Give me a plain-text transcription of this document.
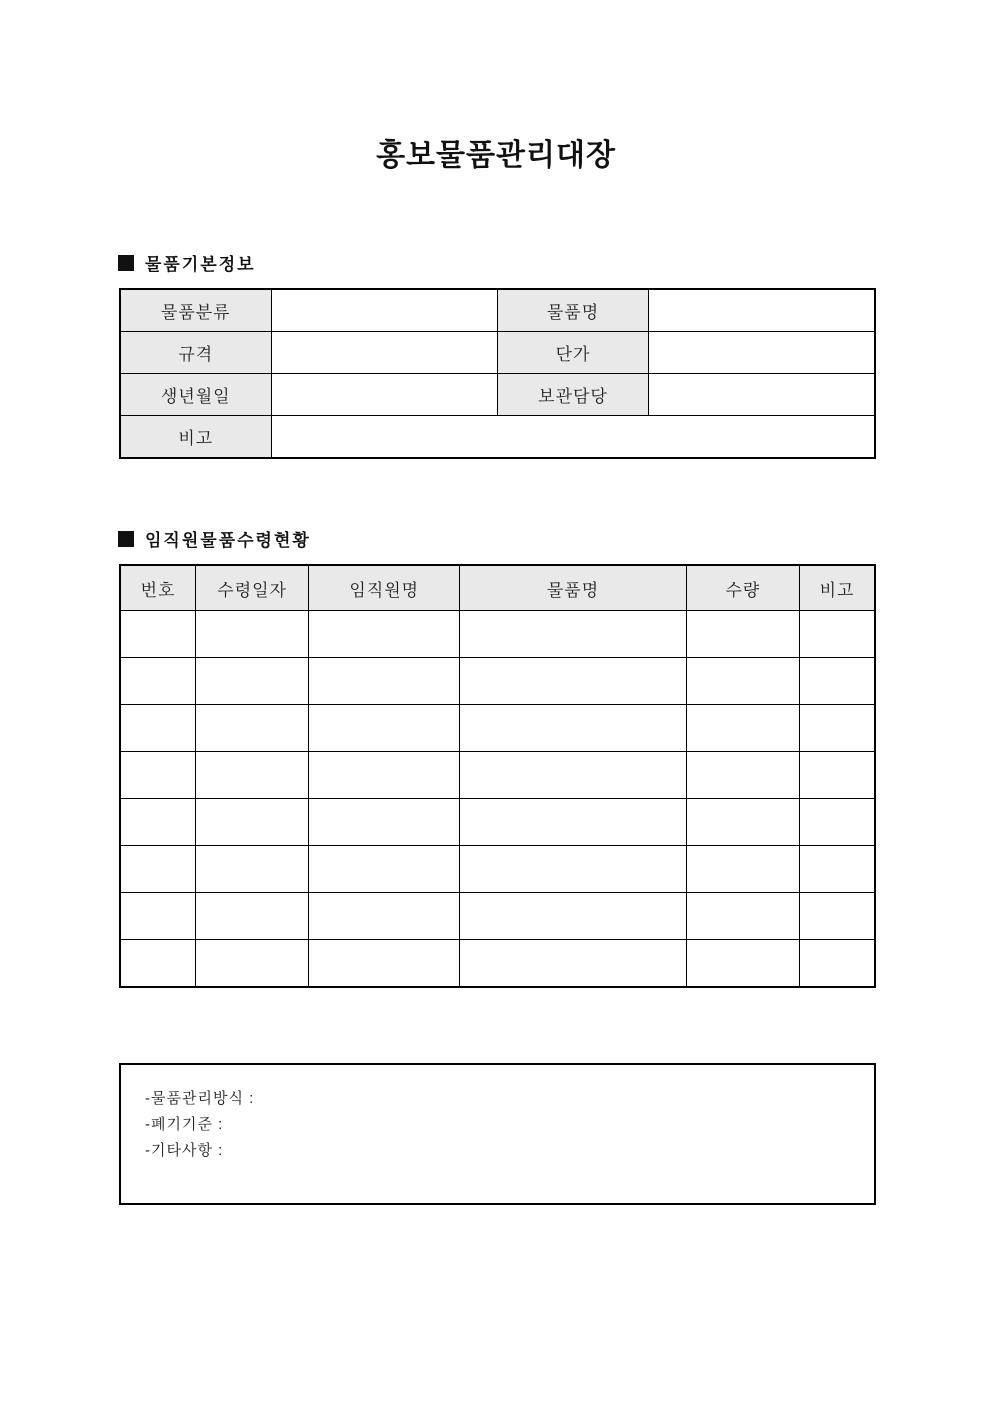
홍보물품관리대장
물품기본정보
물품분류		물품명	
규격		단가	
생년월일		보관담당	
비고			
임직원물품수령현황
번호	수령일자	임직원명	물품명	수량	비고

-물품관리방식 :
-폐기기준 :
-기타사항 :
